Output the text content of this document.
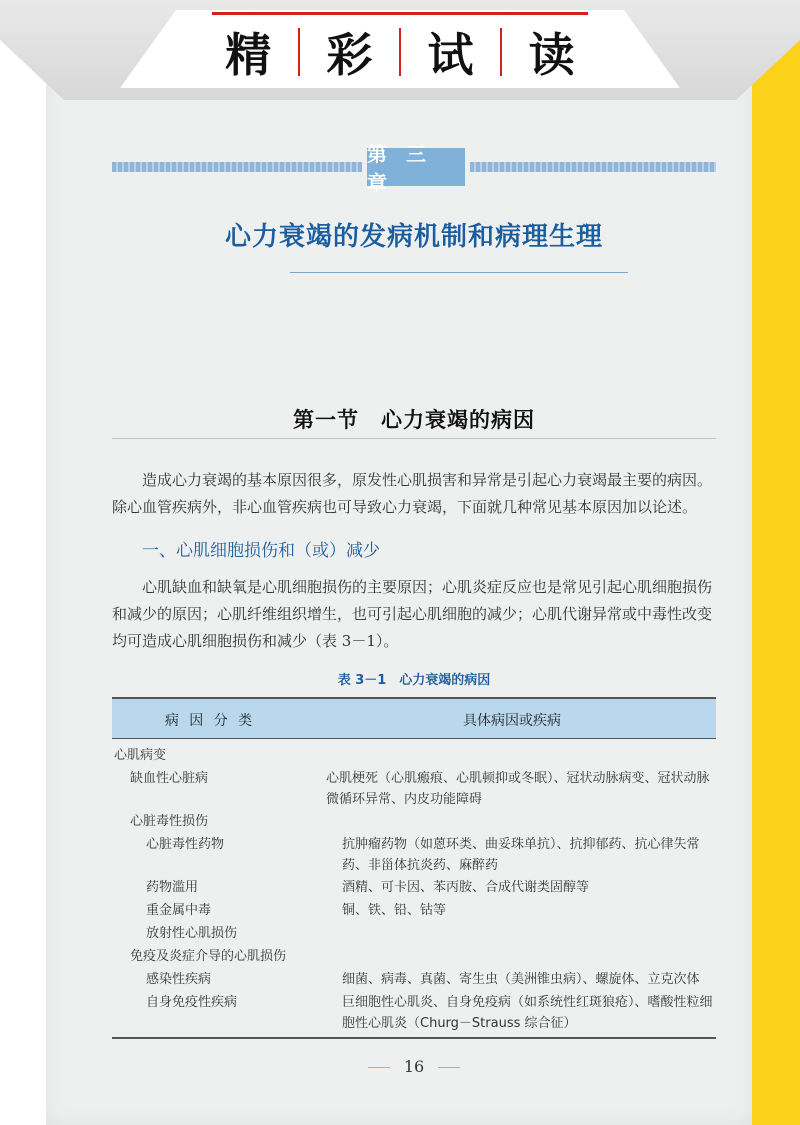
精 彩 试 读
第 三 章
心力衰竭的发病机制和病理生理
第一节　心力衰竭的病因
造成心力衰竭的基本原因很多，原发性心肌损害和异常是引起心力衰竭最主要的病因。除心血管疾病外，非心血管疾病也可导致心力衰竭，下面就几种常见基本原因加以论述。
一、心肌细胞损伤和（或）减少
心肌缺血和缺氧是心肌细胞损伤的主要原因；心肌炎症反应也是常见引起心肌细胞损伤和减少的原因；心肌纤维组织增生，也可引起心肌细胞的减少；心肌代谢异常或中毒性改变均可造成心肌细胞损伤和减少（表 3－1）。
表 3－1　心力衰竭的病因
病 因 分 类	具体病因或疾病
心肌病变
缺血性心脏病	心肌梗死（心肌瘢痕、心肌顿抑或冬眠）、冠状动脉病变、冠状动脉微循环异常、内皮功能障碍
心脏毒性损伤
心脏毒性药物	抗肿瘤药物（如蒽环类、曲妥珠单抗）、抗抑郁药、抗心律失常药、非甾体抗炎药、麻醉药
药物滥用	酒精、可卡因、苯丙胺、合成代谢类固醇等
重金属中毒	铜、铁、铅、钴等
放射性心肌损伤
免疫及炎症介导的心肌损伤
感染性疾病	细菌、病毒、真菌、寄生虫（美洲锥虫病）、螺旋体、立克次体
自身免疫性疾病	巨细胞性心肌炎、自身免疫病（如系统性红斑狼疮）、嗜酸性粒细胞性心肌炎（Churg－Strauss 综合征）
16
